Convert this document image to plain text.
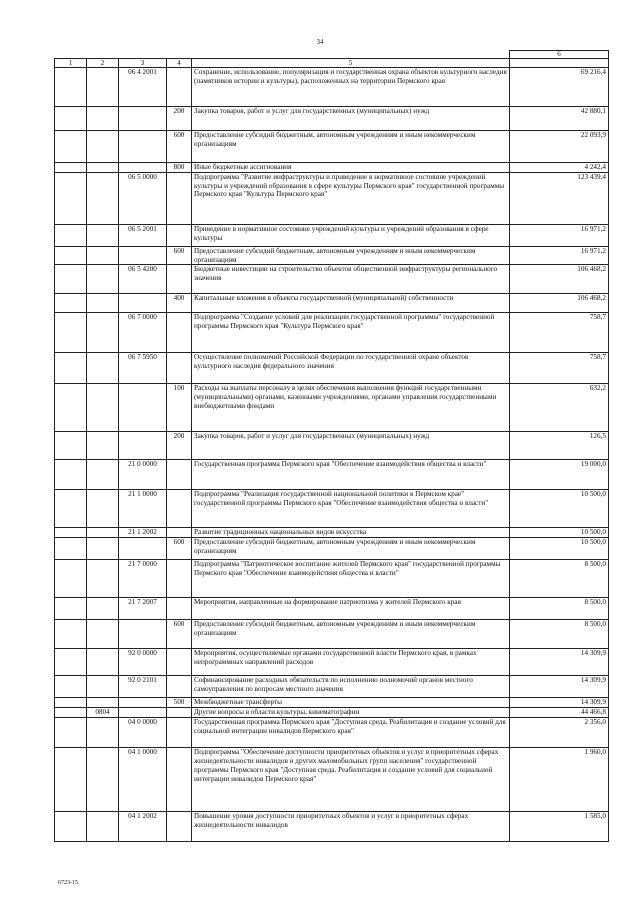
34
					6
1	2	3	4	5	
		06 4 2001		Сохранение, использование, популяризация и государственная охрана объектов культурного наследия (памятников истории и культуры), расположенных на территории Пермского края	69 216,4
			200	Закупка товаров, работ и услуг для государственных (муниципальных) нужд	42 880,1
			600	Предоставление субсидий бюджетным, автономным учреждениям и иным некоммерческим организациям	22 093,9
			800	Иные бюджетные ассигнования	4 242,4
		06 5 0000		Подпрограмма "Развитие инфраструктуры и приведение в нормативное состояние учреждений культуры и учреждений образования в сфере культуры Пермского края" государственной программы Пермского края "Культура Пермского края"	123 439,4
		06 5 2001		Приведение в нормативное состояние учреждений культуры и учреждений образования в сфере культуры	16 971,2
			600	Предоставление субсидий бюджетным, автономным учреждениям и иным некоммерческим организациям	16 971,2
		06 5 4200		Бюджетные инвестиции на строительство объектов общественной инфраструктуры регионального значения	106 468,2
			400	Капитальные вложения в объекты государственной (муниципальной) собственности	106 468,2
		06 7 0000		Подпрограмма "Создание условий для реализации государственной программы" государственной программы Пермского края "Культура Пермского края"	758,7
		06 7 5950		Осуществление полномочий Российской Федерации по государственной охране объектов культурного наследия федерального значения	758,7
			100	Расходы на выплаты персоналу в целях обеспечения выполнения функций государственными (муниципальными) органами, казенными учреждениями, органами управления государственными внебюджетными фондами	632,2
			200	Закупка товаров, работ и услуг для государственных (муниципальных) нужд	126,5
		21 0 0000		Государственная программа Пермского края "Обеспечение взаимодействия общества и власти"	19 000,0
		21 1 0000		Подпрограмма "Реализация государственной национальной политики в Пермском крае" государственной программы Пермского края "Обеспечение взаимодействия общества и власти"	10 500,0
		21 1 2002		Развитие традиционных национальных видов искусства	10 500,0
			600	Предоставление субсидий бюджетным, автономным учреждениям и иным некоммерческим организациям	10 500,0
		21 7 0000		Подпрограмма "Патриотическое воспитание жителей Пермского края" государственной программы Пермского края "Обеспечение взаимодействия общества и власти"	8 500,0
		21 7 2007		Мероприятия, направленные на формирование патриотизма у жителей Пермского края	8 500,0
			600	Предоставление субсидий бюджетным, автономным учреждениям и иным некоммерческим организациям	8 500,0
		92 0 0000		Мероприятия, осуществляемые органами государственной власти Пермского края, в рамках непрограммных направлений расходов	14 309,9
		92 0 2101		Софинансирование расходных обязательств по исполнению полномочий органов местного самоуправления по вопросам местного значения	14 309,9
			500	Межбюджетные трансферты	14 309,9
	0804			Другие вопросы в области культуры, кинематографии	44 466,8
		04 0 0000		Государственная программа Пермского края "Доступная среда. Реабилитация и создание условий для социальной интеграции инвалидов Пермского края"	2 356,0
		04 1 0000		Подпрограмма "Обеспечение доступности приоритетных объектов и услуг в приоритетных сферах жизнедеятельности инвалидов и других маломобильных групп населения" государственной программы Пермского края "Доступная среда. Реабилитация и создание условий для социальной интеграции инвалидов Пермского края"	1 960,0
		04 1 2002		Повышение уровня доступности приоритетных объектов и услуг в приоритетных сферах жизнедеятельности инвалидов	1 585,0
6723-15
